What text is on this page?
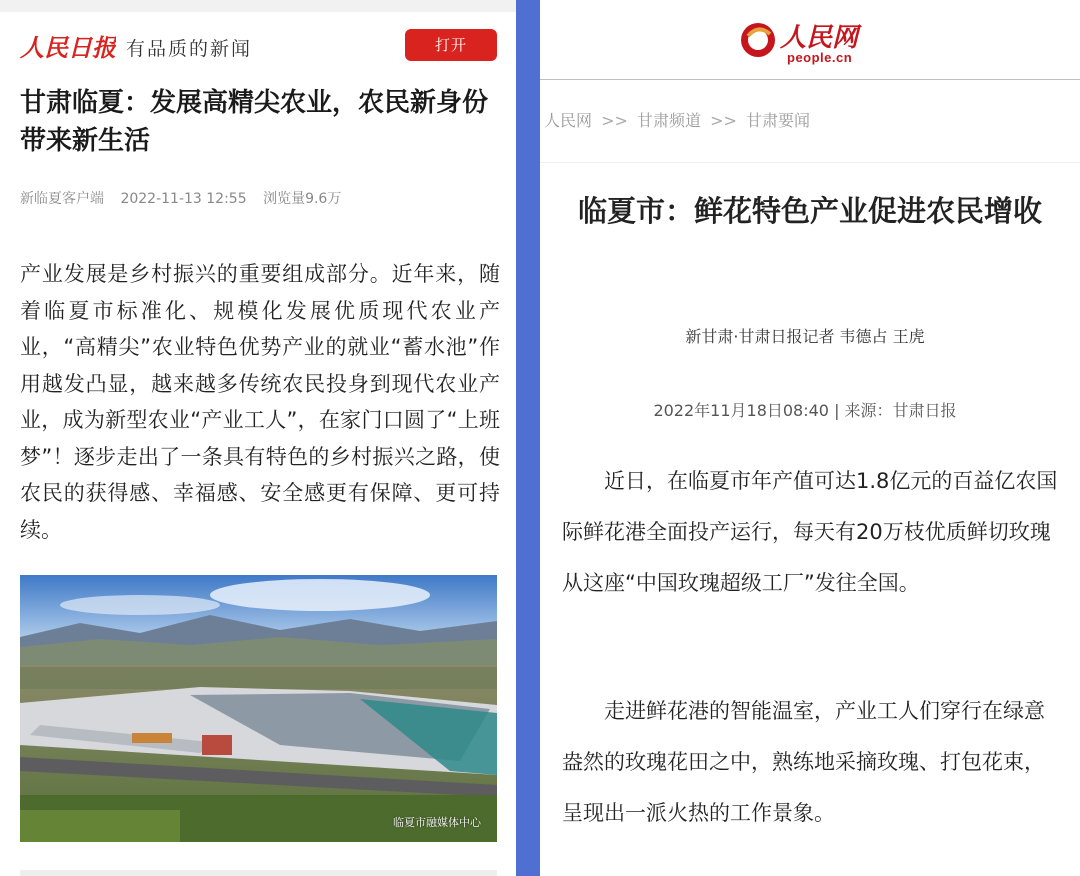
人民日报 有品质的新闻	打开
甘肃临夏：发展高精尖农业，农民新身份带来新生活
新临夏客户端 2022-11-13 12:55 浏览量9.6万

产业发展是乡村振兴的重要组成部分。近年来，随着临夏市标准化、规模化发展优质现代农业产业，“高精尖”农业特色优势产业的就业“蓄水池”作用越发凸显，越来越多传统农民投身到现代农业产业，成为新型农业“产业工人”，在家门口圆了“上班梦”！逐步走出了一条具有特色的乡村振兴之路，使农民的获得感、幸福感、安全感更有保障、更可持续。

临夏市融媒体中心
人民网
people.cn
人民网 >> 甘肃频道 >> 甘肃要闻
临夏市：鲜花特色产业促进农民增收
新甘肃·甘肃日报记者 韦德占 王虎
2022年11月18日08:40 | 来源：甘肃日报

近日，在临夏市年产值可达1.8亿元的百益亿农国际鲜花港全面投产运行，每天有20万枝优质鲜切玫瑰从这座“中国玫瑰超级工厂”发往全国。

走进鲜花港的智能温室，产业工人们穿行在绿意盎然的玫瑰花田之中，熟练地采摘玫瑰、打包花束，呈现出一派火热的工作景象。
